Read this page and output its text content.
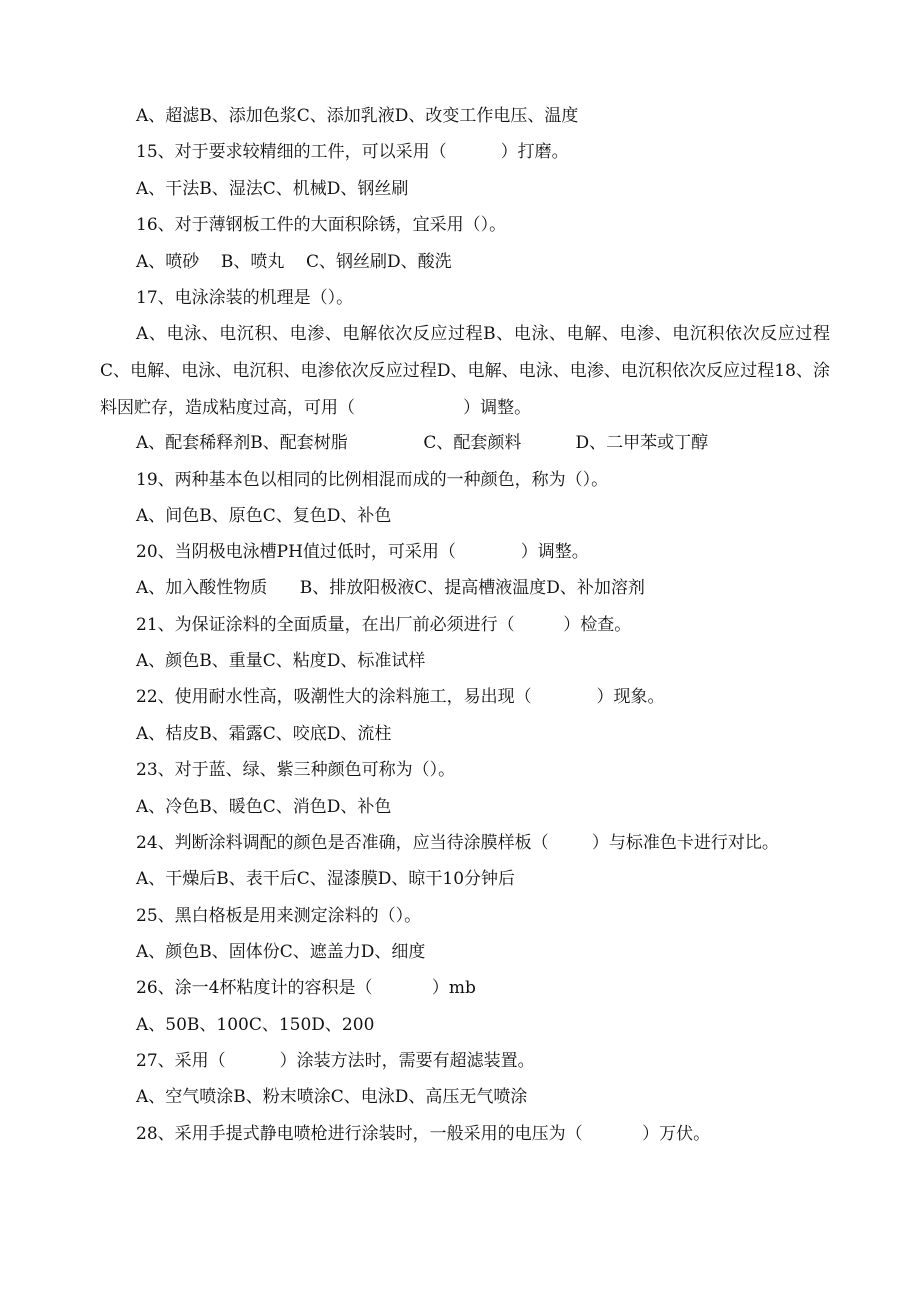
A、超滤B、添加色浆C、添加乳液D、改变工作电压、温度
15、对于要求较精细的工件，可以采用（          ）打磨。
A、干法B、湿法C、机械D、钢丝刷
16、对于薄钢板工件的大面积除锈，宜采用（）。
A、喷砂    B、喷丸    C、钢丝刷D、酸洗
17、电泳涂装的机理是（）。
A、电泳、电沉积、电渗、电解依次反应过程B、电泳、电解、电渗、电沉积依次反应过程C、电解、电泳、电沉积、电渗依次反应过程D、电解、电泳、电渗、电沉积依次反应过程18、涂料因贮存，造成粘度过高，可用（                    ）调整。
A、配套稀释剂B、配套树脂              C、配套颜料          D、二甲苯或丁醇
19、两种基本色以相同的比例相混而成的一种颜色，称为（）。
A、间色B、原色C、复色D、补色
20、当阴极电泳槽PH值过低时，可采用（            ）调整。
A、加入酸性物质      B、排放阳极液C、提高槽液温度D、补加溶剂
21、为保证涂料的全面质量，在出厂前必须进行（         ）检查。
A、颜色B、重量C、粘度D、标准试样
22、使用耐水性高，吸潮性大的涂料施工，易出现（            ）现象。
A、桔皮B、霜露C、咬底D、流柱
23、对于蓝、绿、紫三种颜色可称为（）。
A、冷色B、暖色C、消色D、补色
24、判断涂料调配的颜色是否准确，应当待涂膜样板（        ）与标准色卡进行对比。
A、干燥后B、表干后C、湿漆膜D、晾干10分钟后
25、黑白格板是用来测定涂料的（）。
A、颜色B、固体份C、遮盖力D、细度
26、涂一4杯粘度计的容积是（           ）mb
A、50B、100C、150D、200
27、采用（          ）涂装方法时，需要有超滤装置。
A、空气喷涂B、粉末喷涂C、电泳D、高压无气喷涂
28、采用手提式静电喷枪进行涂装时，一般采用的电压为（           ）万伏。
